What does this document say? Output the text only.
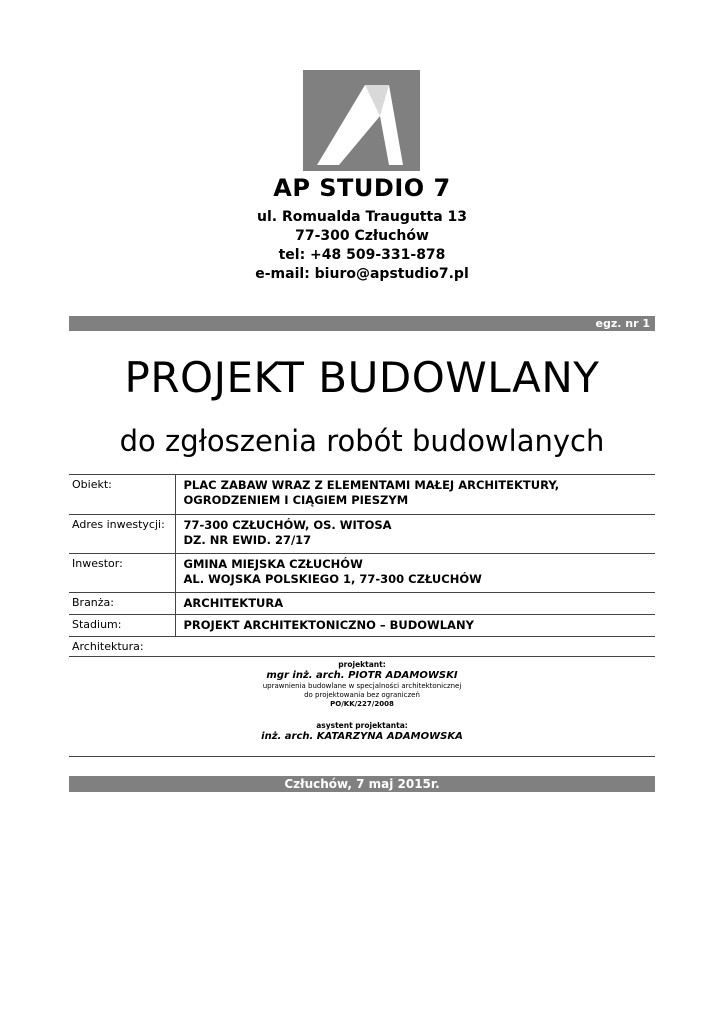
AP STUDIO 7
ul. Romualda Traugutta 13
77-300 Człuchów
tel: +48 509-331-878
e-mail: biuro@apstudio7.pl
egz. nr 1
PROJEKT BUDOWLANY
do zgłoszenia robót budowlanych
Obiekt:	PLAC ZABAW WRAZ Z ELEMENTAMI MAŁEJ ARCHITEKTURY, OGRODZENIEM I CIĄGIEM PIESZYM
Adres inwestycji:	77-300 CZŁUCHÓW, OS. WITOSA
DZ. NR EWID. 27/17

Inwestor:	GMINA MIEJSKA CZŁUCHÓW
AL. WOJSKA POLSKIEGO 1, 77-300 CZŁUCHÓW

Branża:	ARCHITEKTURA
Stadium:	PROJEKT ARCHITEKTONICZNO – BUDOWLANY
Architektura:	
projektant:
mgr inż. arch. PIOTR ADAMOWSKI
uprawnienia budowlane w specjalności architektonicznej
do projektowania bez ograniczeń
PO/KK/227/2008
asystent projektanta:
inż. arch. KATARZYNA ADAMOWSKA
Człuchów, 7 maj 2015r.
